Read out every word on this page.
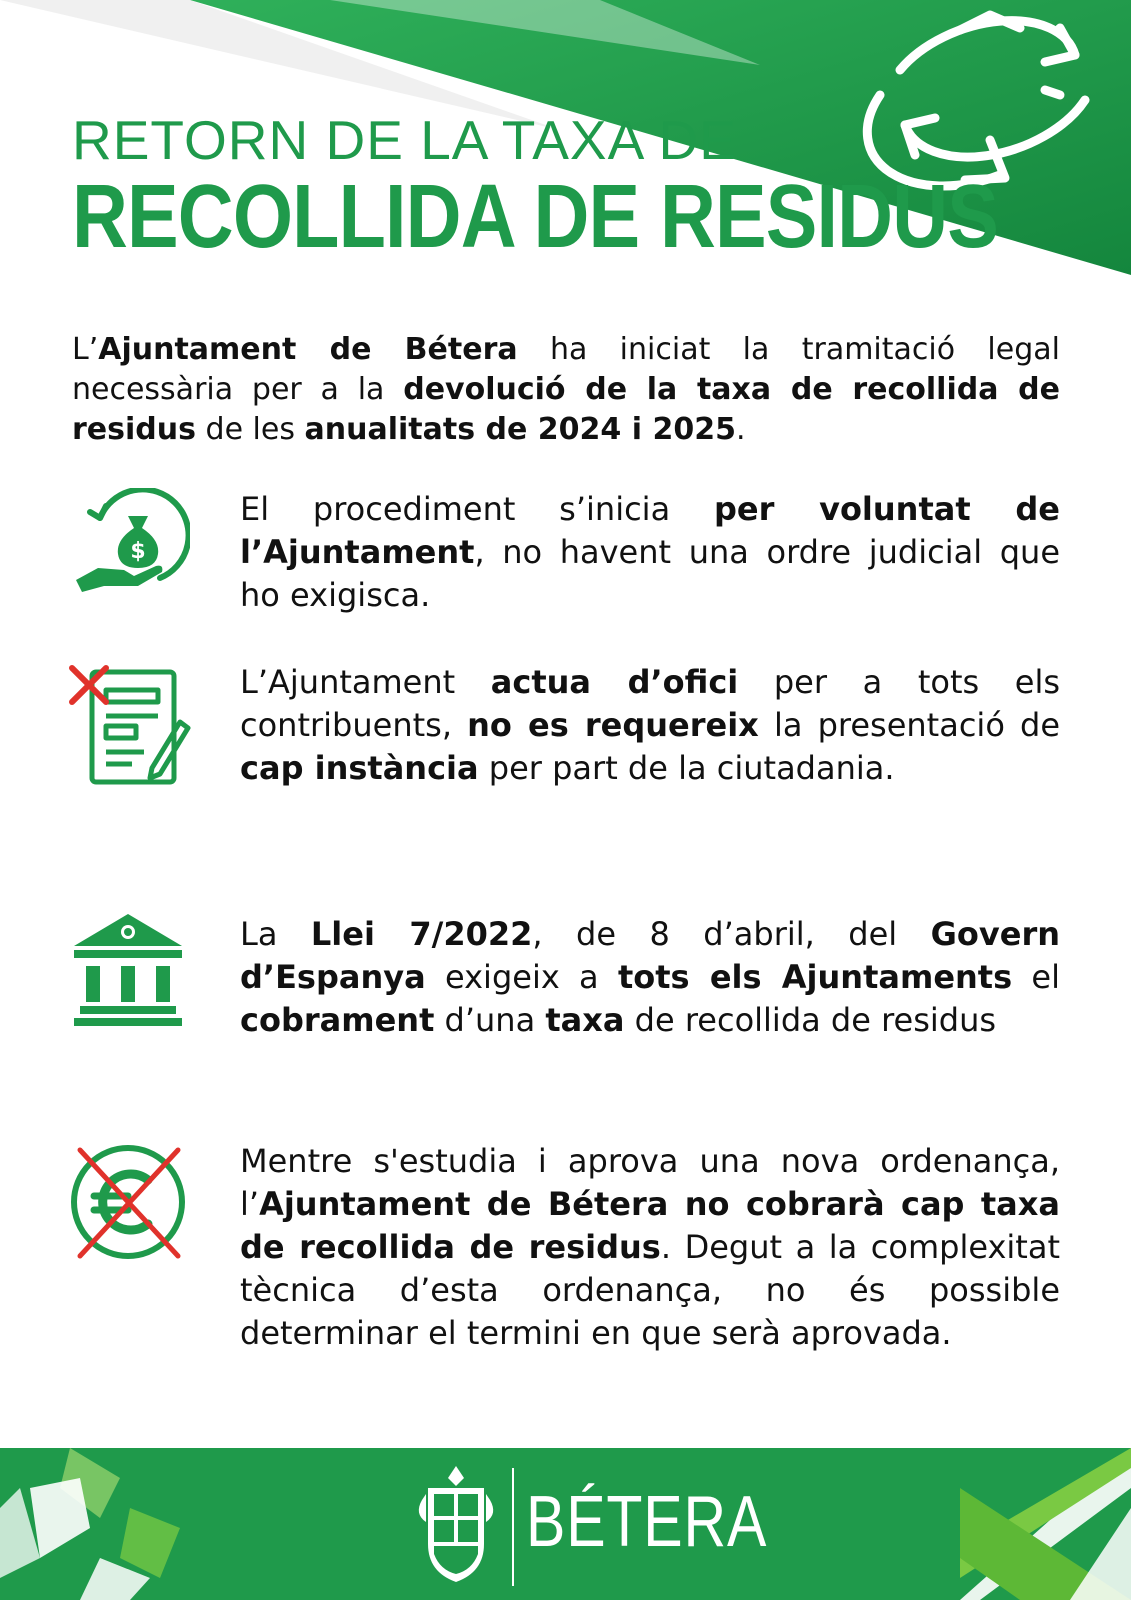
RETORN DE LA TAXA DE
RECOLLIDA DE RESIDUS

L’Ajuntament de Bétera ha iniciat la tramitació legal necessària per a la devolució de la taxa de recollida de residus de les anualitats de 2024 i 2025.

$

El procediment s’inicia per voluntat de l’Ajuntament, no havent una ordre judicial que ho exigisca.

L’Ajuntament actua d’ofici per a tots els contribuents, no es requereix la presentació de cap instància per part de la ciutadania.

La Llei 7/2022, de 8 d’abril, del Govern d’Espanya exigeix a tots els Ajuntaments el cobrament d’una taxa de recollida de residus

Mentre s'estudia i aprova una nova ordenança, l’Ajuntament de Bétera no cobrarà cap taxa de recollida de residus. Degut a la complexitat tècnica d’esta ordenança, no és possible determinar el termini en que serà aprovada.

BÉTERA
